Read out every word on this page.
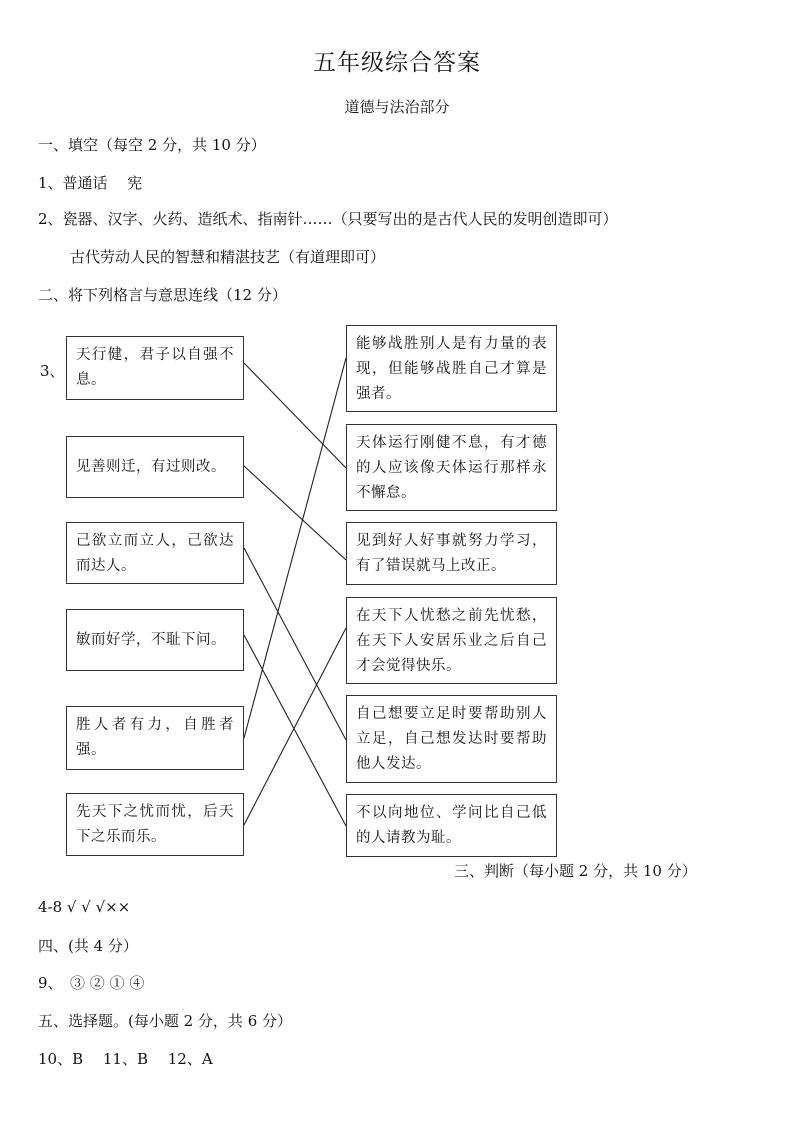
五年级综合答案
道德与法治部分
一、填空（每空 2 分，共 10 分）
1、普通话　 宪
2、瓷器、汉字、火药、造纸术、指南针……（只要写出的是古代人民的发明创造即可）
古代劳动人民的智慧和精湛技艺（有道理即可）
二、将下列格言与意思连线（12 分）
3、
天行健，君子以自强不息。
见善则迁，有过则改。
己欲立而立人，己欲达而达人。
敏而好学，不耻下问。
胜人者有力，自胜者强。
先天下之忧而忧，后天下之乐而乐。
能够战胜别人是有力量的表现，但能够战胜自己才算是强者。
天体运行刚健不息，有才德的人应该像天体运行那样永不懈怠。
见到好人好事就努力学习，有了错误就马上改正。
在天下人忧愁之前先忧愁，在天下人安居乐业之后自己才会觉得快乐。
自己想要立足时要帮助别人立足，自己想发达时要帮助他人发达。
不以向地位、学问比自己低的人请教为耻。
三、判断（每小题 2 分，共 10 分）
4-8 √ √ √××
四、(共 4 分）
9、　③ ② ① ④
五、选择题。(每小题 2 分，共 6 分）
10、B　 11、B　 12、A
